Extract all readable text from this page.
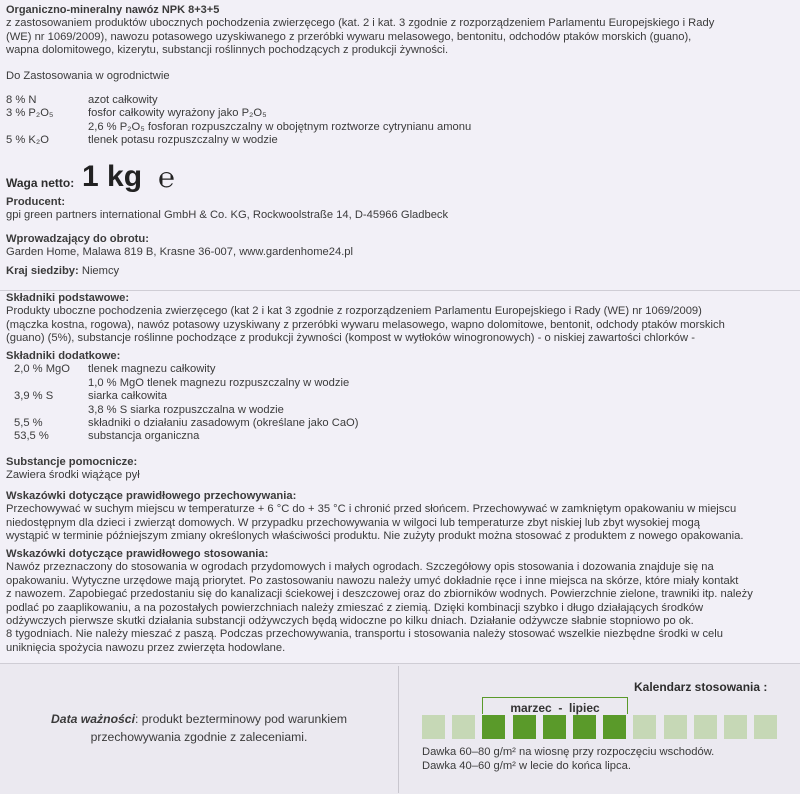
Organiczno-mineralny nawóz NPK 8+3+5

z zastosowaniem produktów ubocznych pochodzenia zwierzęcego (kat. 2 i kat. 3 zgodnie z rozporządzeniem Parlamentu Europejskiego i Rady

(WE) nr 1069/2009), nawozu potasowego uzyskiwanego z przeróbki wywaru melasowego, bentonitu, odchodów ptaków morskich (guano),

wapna dolomitowego, kizerytu, substancji roślinnych pochodzących z produkcji żywności.

Do Zastosowania w ogrodnictwie

8 % N	azot całkowity
3 % P₂O₅	fosfor całkowity wyrażony jako P₂O₅
2,6 % P₂O₅ fosforan rozpuszczalny w obojętnym roztworze cytrynianu amonu
5 % K₂O	tlenek potasu rozpuszczalny w wodzie
Waga netto: 1 kg ℮

Producent:

gpi green partners international GmbH & Co. KG, Rockwoolstraße 14, D-45966 Gladbeck

Wprowadzający do obrotu:

Garden Home, Malawa 819 B, Krasne 36-007, www.gardenhome24.pl

Kraj siedziby: Niemcy

Składniki podstawowe:

Produkty uboczne pochodzenia zwierzęcego (kat 2 i kat 3 zgodnie z rozporządzeniem Parlamentu Europejskiego i Rady (WE) nr 1069/2009)

(mączka kostna, rogowa), nawóz potasowy uzyskiwany z przeróbki wywaru melasowego, wapno dolomitowe, bentonit, odchody ptaków morskich

(guano) (5%), substancje roślinne pochodzące z produkcji żywności (kompost w wytłoków winogronowych) - o niskiej zawartości chlorków -

Składniki dodatkowe:

2,0 % MgO tlenek magnezu całkowity
1,0 % MgO tlenek magnezu rozpuszczalny w wodzie
3,9 % S	siarka całkowita
3,8 % S siarka rozpuszczalna w wodzie
5,5 %	składniki o działaniu zasadowym (określane jako CaO)
53,5 %	substancja organiczna

Substancje pomocnicze:

Zawiera środki wiążące pył

Wskazówki dotyczące prawidłowego przechowywania:

Przechowywać w suchym miejscu w temperaturze + 6 °C do + 35 °C i chronić przed słońcem. Przechowywać w zamkniętym opakowaniu w miejscu

niedostępnym dla dzieci i zwierząt domowych. W przypadku przechowywania w wilgoci lub temperaturze zbyt niskiej lub zbyt wysokiej mogą

wystąpić w terminie późniejszym zmiany określonych właściwości produktu. Nie zużyty produkt można stosować z produktem z nowego opakowania.

Wskazówki dotyczące prawidłowego stosowania:

Nawóz przeznaczony do stosowania w ogrodach przydomowych i małych ogrodach. Szczegółowy opis stosowania i dozowania znajduje się na

opakowaniu. Wytyczne urzędowe mają priorytet. Po zastosowaniu nawozu należy umyć dokładnie ręce i inne miejsca na skórze, które miały kontakt

z nawozem. Zapobiegać przedostaniu się do kanalizacji ściekowej i deszczowej oraz do zbiorników wodnych. Powierzchnie zielone, trawniki itp. należy

podlać po zaaplikowaniu, a na pozostałych powierzchniach należy zmieszać z ziemią. Dzięki kombinacji szybko i długo działających środków

odżywczych pierwsze skutki działania substancji odżywczych będą widoczne po kilku dniach. Działanie odżywcze słabnie stopniowo po ok.

8 tygodniach. Nie należy mieszać z paszą. Podczas przechowywania, transportu i stosowania należy stosować wszelkie niezbędne środki w celu

uniknięcia spożycia nawozu przez zwierzęta hodowlane.

Data ważności: produkt bezterminowy pod warunkiem
przechowywania zgodnie z zaleceniami.
Kalendarz stosowania :
marzec  -  lipiec
Dawka 60–80 g/m² na wiosnę przy rozpoczęciu wschodów.
Dawka 40–60 g/m² w lecie do końca lipca.
